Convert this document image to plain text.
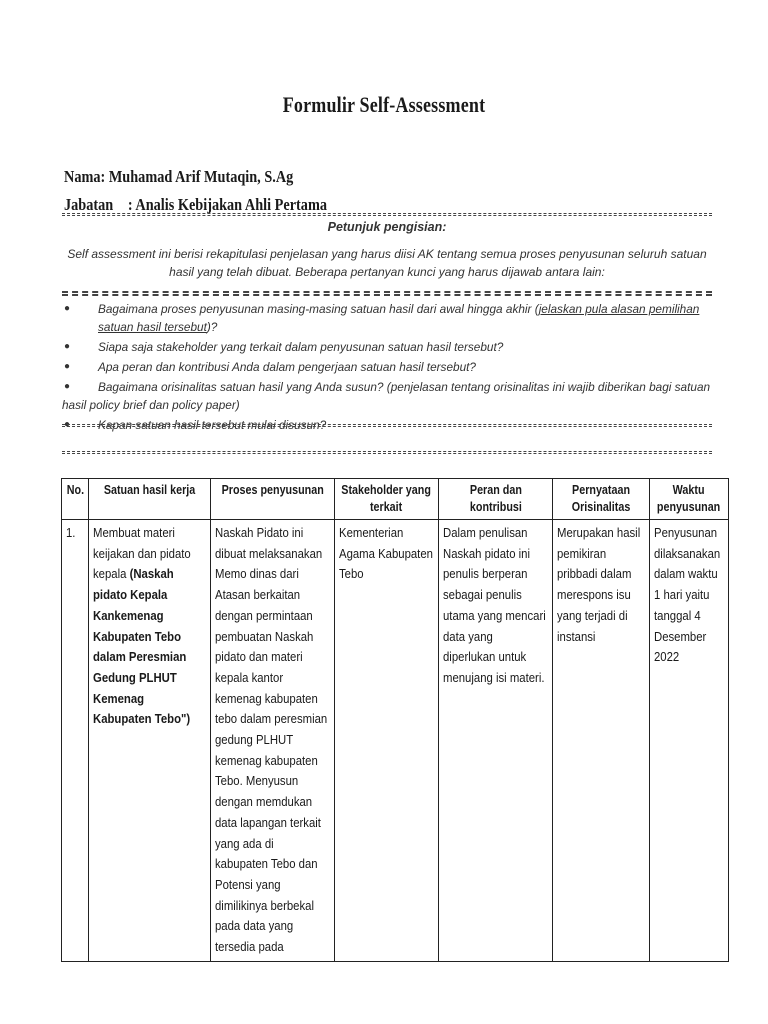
Formulir Self-Assessment
Nama: Muhamad Arif Mutaqin, S.Ag
Jabatan : Analis Kebijakan Ahli Pertama
Petunjuk pengisian:
Self assessment ini berisi rekapitulasi penjelasan yang harus diisi AK tentang semua proses penyusunan seluruh satuan hasil yang telah dibuat. Beberapa pertanyan kunci yang harus dijawab antara lain:
● Bagaimana proses penyusunan masing-masing satuan hasil dari awal hingga akhir (jelaskan pula alasan pemilihan satuan hasil tersebut)?
● Siapa saja stakeholder yang terkait dalam penyusunan satuan hasil tersebut?
● Apa peran dan kontribusi Anda dalam pengerjaan satuan hasil tersebut?
● Bagaimana orisinalitas satuan hasil yang Anda susun? (penjelasan tentang orisinalitas ini wajib diberikan bagi satuan hasil policy brief dan policy paper)
● Kapan satuan hasil tersebut mulai disusun?
No.	Satuan hasil kerja	Proses penyusunan	Stakeholder yang terkait	Peran dan kontribusi	Pernyataan Orisinalitas	Waktu penyusunan

1.	Membuat materi keijakan dan pidato kepala (Naskah pidato Kepala Kankemenag Kabupaten Tebo dalam Peresmian Gedung PLHUT Kemenag Kabupaten Tebo")	Naskah Pidato ini dibuat melaksanakan Memo dinas dari Atasan berkaitan dengan permintaan pembuatan Naskah pidato dan materi kepala kantor kemenag kabupaten tebo dalam peresmian gedung PLHUT kemenag kabupaten Tebo. Menyusun dengan memdukan data lapangan terkait yang ada di kabupaten Tebo dan Potensi yang dimilikinya berbekal pada data yang tersedia pada	Kementerian Agama Kabupaten Tebo	Dalam penulisan Naskah pidato ini penulis berperan sebagai penulis utama yang mencari data yang diperlukan untuk menujang isi materi.	Merupakan hasil pemikiran pribbadi dalam merespons isu yang terjadi di instansi	Penyusunan dilaksanakan dalam waktu 1 hari yaitu tanggal 4 Desember 2022
